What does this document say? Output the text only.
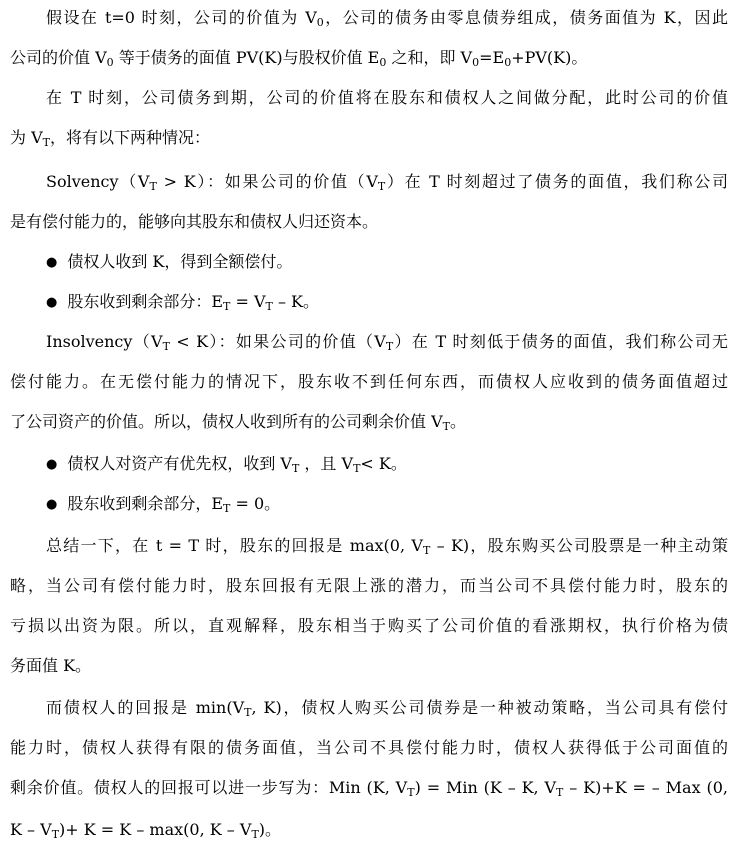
假设在 t=0 时刻，公司的价值为 $V_0$，公司的债务由零息债券组成，债务面值为 K，因此
公司的价值 $V_0$ 等于债务的面值 PV(K)与股权价值 $E_0$ 之和，即 $V_0=E_0+PV(K)$。
在 T 时刻，公司债务到期，公司的价值将在股东和债权人之间做分配，此时公司的价值
为 $V_T$，将有以下两种情况：
$Solvency(V_T > K)$：如果公司的价值$(V_T)$在 T 时刻超过了债务的面值，我们称公司
是有偿付能力的，能够向其股东和债权人归还资本。
● 债权人收到 K，得到全额偿付。
● 股东收到剩余部分：$E_T = V_T - K$。
$Insolvency(V_T < K)$：如果公司的价值$(V_T)$在 T 时刻低于债务的面值，我们称公司无
偿付能力。在无偿付能力的情况下，股东收不到任何东西，而债权人应收到的债务面值超过
了公司资产的价值。所以，债权人收到所有的公司剩余价值 $V_T$。
● 债权人对资产有优先权，收到 $V_T$ ，且 $V_T< K$。
● 股东收到剩余部分，$E_T = 0$。
总结一下，在 t = T 时，股东的回报是 max(0, $V_T - K$)，股东购买公司股票是一种主动策
略，当公司有偿付能力时，股东回报有无限上涨的潜力，而当公司不具偿付能力时，股东的
亏损以出资为限。所以，直观解释，股东相当于购买了公司价值的看涨期权，执行价格为债
务面值 K。
而债权人的回报是 $\min(V_T$, K)，债权人购买公司债券是一种被动策略，当公司具有偿付
能力时，债权人获得有限的债务面值，当公司不具偿付能力时，债权人获得低于公司面值的
剩余价值。债权人的回报可以进一步写为：Min (K, $V_T$) = Min (K – K, $V_T - K)+K$ = – Max (0,
$K - V_T)+ K = K - \max(0$, K – $V_T$)。
